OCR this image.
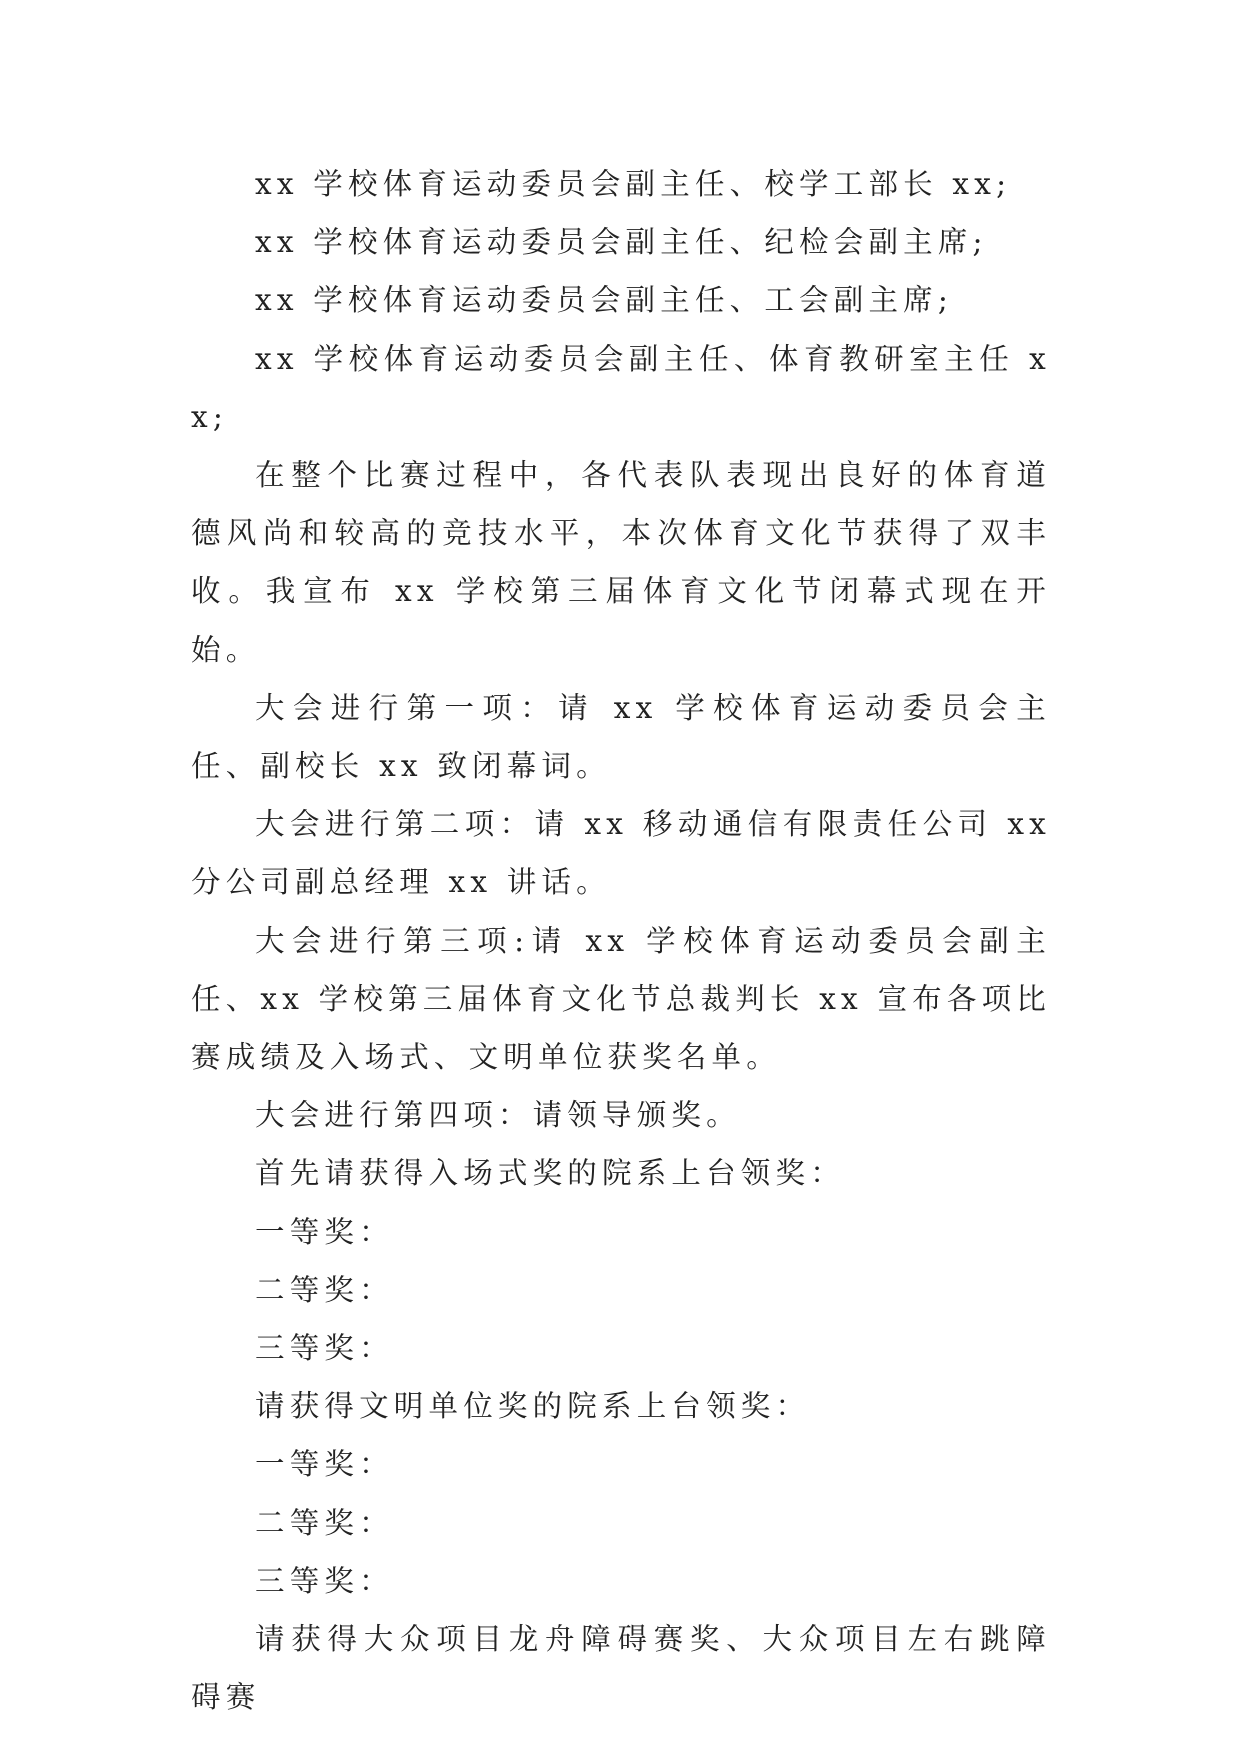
xx 学校体育运动委员会副主任、校学工部长 xx;

xx 学校体育运动委员会副主任、纪检会副主席;

xx 学校体育运动委员会副主任、工会副主席;

xx 学校体育运动委员会副主任、体育教研室主任 xx;

在整个比赛过程中，各代表队表现出良好的体育道德风尚和较高的竞技水平，本次体育文化节获得了双丰收。我宣布 xx 学校第三届体育文化节闭幕式现在开始。

大会进行第一项：请 xx 学校体育运动委员会主任、副校长 xx 致闭幕词。

大会进行第二项：请 xx 移动通信有限责任公司 xx 分公司副总经理 xx 讲话。

大会进行第三项:请 xx 学校体育运动委员会副主任、xx 学校第三届体育文化节总裁判长 xx 宣布各项比赛成绩及入场式、文明单位获奖名单。

大会进行第四项：请领导颁奖。

首先请获得入场式奖的院系上台领奖：

一等奖：

二等奖：

三等奖：

请获得文明单位奖的院系上台领奖：

一等奖：

二等奖：

三等奖：

请获得大众项目龙舟障碍赛奖、大众项目左右跳障碍赛
